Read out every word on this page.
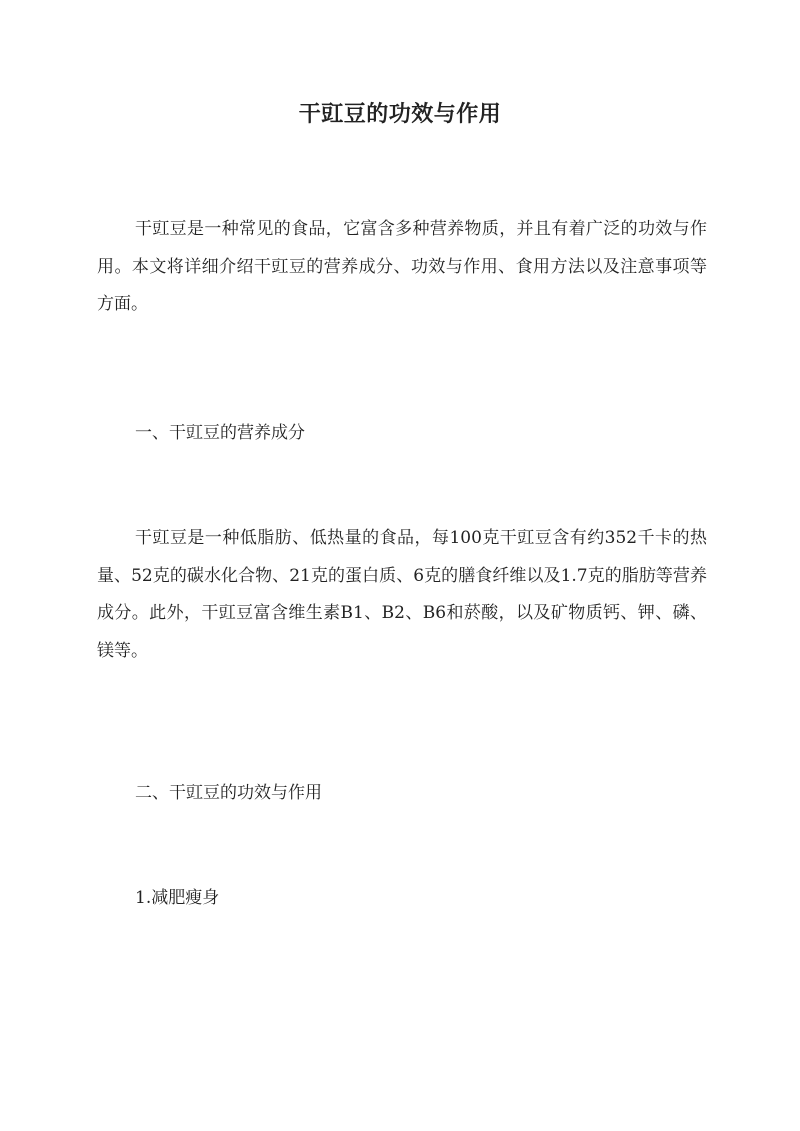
干豇豆的功效与作用

干豇豆是一种常见的食品，它富含多种营养物质，并且有着广泛的功效与作用。本文将详细介绍干豇豆的营养成分、功效与作用、食用方法以及注意事项等方面。

一、干豇豆的营养成分

干豇豆是一种低脂肪、低热量的食品，每100克干豇豆含有约352千卡的热量、52克的碳水化合物、21克的蛋白质、6克的膳食纤维以及1.7克的脂肪等营养成分。此外，干豇豆富含维生素B1、B2、B6和菸酸，以及矿物质钙、钾、磷、镁等。

二、干豇豆的功效与作用
1.减肥瘦身
